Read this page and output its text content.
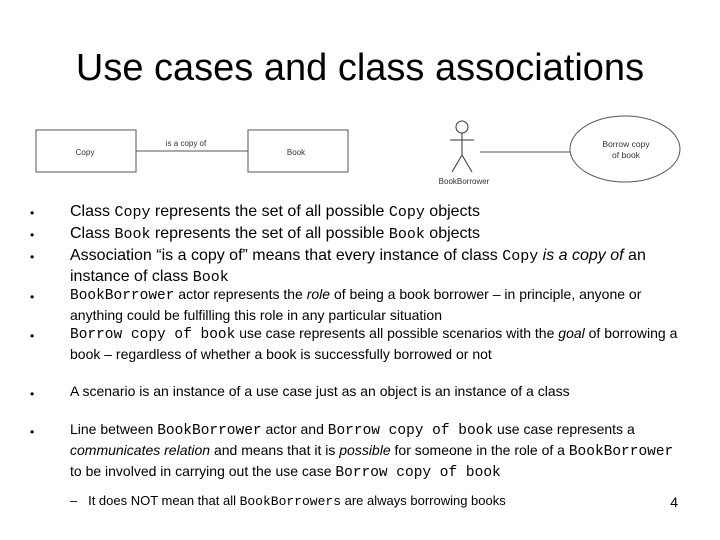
Use cases and class associations
Copy	Book
is a copy of
BookBorrower
Borrow copy
of book
• Class Copy represents the set of all possible Copy objects
• Class Book represents the set of all possible Book objects
• Association “is a copy of” means that every instance of class Copy is a copy of an instance of class Book
• BookBorrower actor represents the role of being a book borrower – in principle, anyone or anything could be fulfilling this role in any particular situation
• Borrow copy of book use case represents all possible scenarios with the goal of borrowing a book – regardless of whether a book is successfully borrowed or not
•	A scenario is an instance of a use case just as an object is an instance of a class
•	Line between BookBorrower actor and Borrow copy of book use case represents a communicates relation and means that it is possible for someone in the role of a BookBorrower to be involved in carrying out the use case Borrow copy of book
– It does NOT mean that all BookBorrowers are always borrowing books	4
